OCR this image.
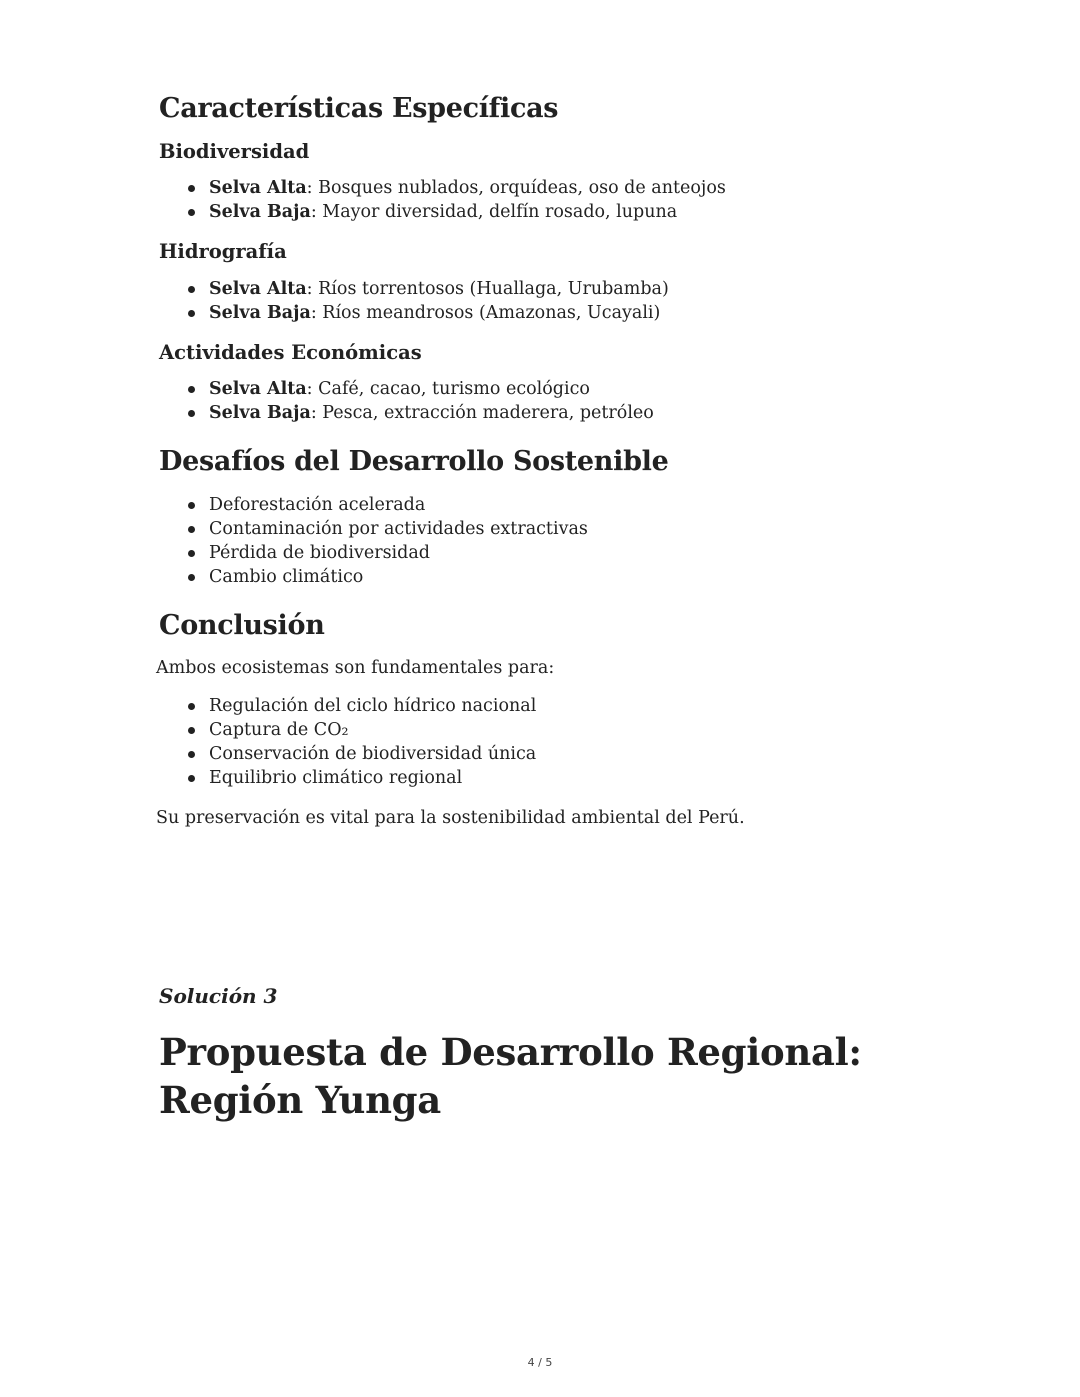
Características Específicas
Biodiversidad
Selva Alta: Bosques nublados, orquídeas, oso de anteojos
Selva Baja: Mayor diversidad, delfín rosado, lupuna
Hidrografía
Selva Alta: Ríos torrentosos (Huallaga, Urubamba)
Selva Baja: Ríos meandrosos (Amazonas, Ucayali)
Actividades Económicas
Selva Alta: Café, cacao, turismo ecológico
Selva Baja: Pesca, extracción maderera, petróleo
Desafíos del Desarrollo Sostenible
Deforestación acelerada
Contaminación por actividades extractivas
Pérdida de biodiversidad
Cambio climático
Conclusión

Ambos ecosistemas son fundamentales para:

Regulación del ciclo hídrico nacional
Captura de CO₂
Conservación de biodiversidad única
Equilibrio climático regional

Su preservación es vital para la sostenibilidad ambiental del Perú.

Solución 3
Propuesta de Desarrollo Regional: Región Yunga
4 / 5
